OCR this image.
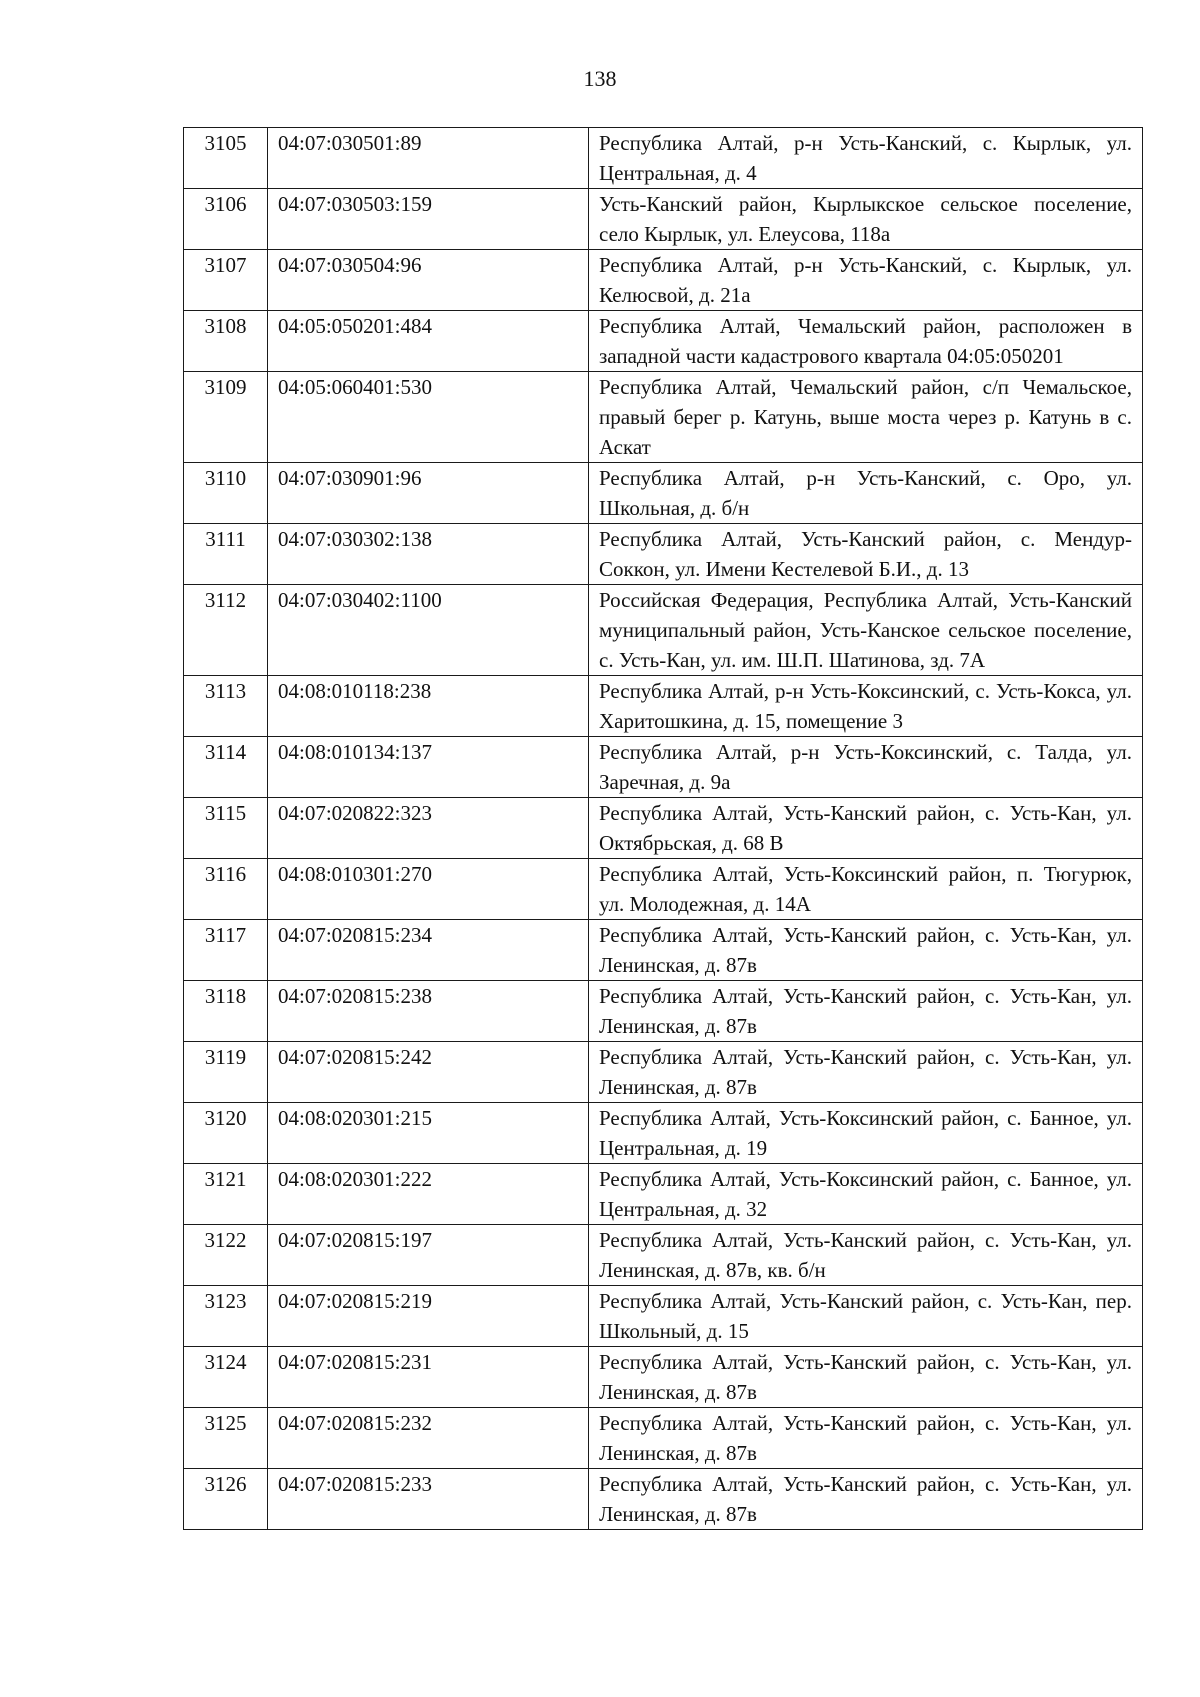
138
3105	04:07:030501:89	Республика Алтай, р-н Усть-Канский, с. Кырлык, ул. Центральная, д. 4
3106	04:07:030503:159	Усть-Канский район, Кырлыкское сельское поселение, село Кырлык, ул. Елеусова, 118а
3107	04:07:030504:96	Республика Алтай, р-н Усть-Канский, с. Кырлык, ул. Келюсвой, д. 21а
3108	04:05:050201:484	Республика Алтай, Чемальский район, расположен в западной части кадастрового квартала 04:05:050201
3109	04:05:060401:530	Республика Алтай, Чемальский район, с/п Чемальское, правый берег р. Катунь, выше моста через р. Катунь в с. Аскат
3110	04:07:030901:96	Республика Алтай, р-н Усть-Канский, с. Оро, ул. Школьная, д. б/н
3111	04:07:030302:138	Республика Алтай, Усть-Канский район, с. Мендур-Соккон, ул. Имени Кестелевой Б.И., д. 13
3112	04:07:030402:1100	Российская Федерация, Республика Алтай, Усть-Канский муниципальный район, Усть-Канское сельское поселение, с. Усть-Кан, ул. им. Ш.П. Шатинова, зд. 7А
3113	04:08:010118:238	Республика Алтай, р-н Усть-Коксинский, с. Усть-Кокса, ул. Харитошкина, д. 15, помещение 3
3114	04:08:010134:137	Республика Алтай, р-н Усть-Коксинский, с. Талда, ул. Заречная, д. 9а
3115	04:07:020822:323	Республика Алтай, Усть-Канский район, с. Усть-Кан, ул. Октябрьская, д. 68 В
3116	04:08:010301:270	Республика Алтай, Усть-Коксинский район, п. Тюгурюк, ул. Молодежная, д. 14А
3117	04:07:020815:234	Республика Алтай, Усть-Канский район, с. Усть-Кан, ул. Ленинская, д. 87в
3118	04:07:020815:238	Республика Алтай, Усть-Канский район, с. Усть-Кан, ул. Ленинская, д. 87в
3119	04:07:020815:242	Республика Алтай, Усть-Канский район, с. Усть-Кан, ул. Ленинская, д. 87в
3120	04:08:020301:215	Республика Алтай, Усть-Коксинский район, с. Банное, ул. Центральная, д. 19
3121	04:08:020301:222	Республика Алтай, Усть-Коксинский район, с. Банное, ул. Центральная, д. 32
3122	04:07:020815:197	Республика Алтай, Усть-Канский район, с. Усть-Кан, ул. Ленинская, д. 87в, кв. б/н
3123	04:07:020815:219	Республика Алтай, Усть-Канский район, с. Усть-Кан, пер. Школьный, д. 15
3124	04:07:020815:231	Республика Алтай, Усть-Канский район, с. Усть-Кан, ул. Ленинская, д. 87в
3125	04:07:020815:232	Республика Алтай, Усть-Канский район, с. Усть-Кан, ул. Ленинская, д. 87в
3126	04:07:020815:233	Республика Алтай, Усть-Канский район, с. Усть-Кан, ул. Ленинская, д. 87в
